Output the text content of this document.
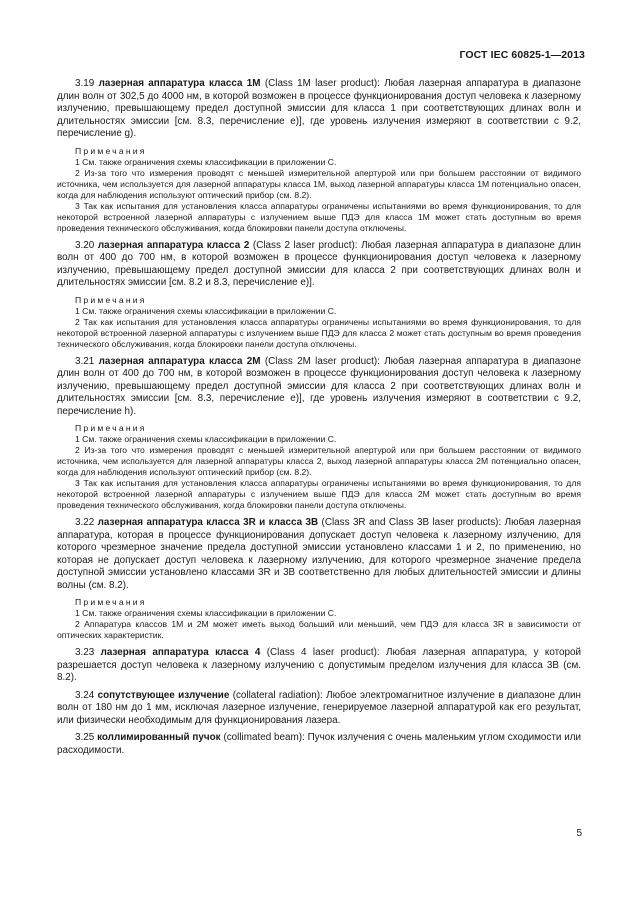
ГОСТ IEC 60825-1—2013

3.19 лазерная аппаратура класса 1М (Class 1M laser product): Любая лазерная аппаратура в диапазоне длин волн от 302,5 до 4000 нм, в которой возможен в процессе функционирования доступ человека к лазерному излучению, превышающему предел доступной эмиссии для класса 1 при соответствующих длинах волн и длительностях эмиссии [см. 8.3, перечисление е)], где уровень излучения измеряют в соответствии с 9.2, перечисление g).

Примечания

1 См. также ограничения схемы классификации в приложении С.

2 Из-за того что измерения проводят с меньшей измерительной апертурой или при большем расстоянии от видимого источника, чем используется для лазерной аппаратуры класса 1М, выход лазерной аппаратуры класса 1М потенциально опасен, когда для наблюдения используют оптический прибор (см. 8.2).

3 Так как испытания для установления класса аппаратуры ограничены испытаниями во время функционирования, то для некоторой встроенной лазерной аппаратуры с излучением выше ПДЭ для класса 1М может стать доступным во время проведения технического обслуживания, когда блокировки панели доступа отключены.

3.20 лазерная аппаратура класса 2 (Class 2 laser product): Любая лазерная аппаратура в диапазоне длин волн от 400 до 700 нм, в которой возможен в процессе функционирования доступ человека к лазерному излучению, превышающему предел доступной эмиссии для класса 2 при соответствующих длинах волн и длительностях эмиссии [см. 8.2 и 8.3, перечисление е)].

Примечания

1 См. также ограничения схемы классификации в приложении С.

2 Так как испытания для установления класса аппаратуры ограничены испытаниями во время функционирования, то для некоторой встроенной лазерной аппаратуры с излучением выше ПДЭ для класса 2 может стать доступным во время проведения технического обслуживания, когда блокировки панели доступа отключены.

3.21 лазерная аппаратура класса 2М (Class 2M laser product): Любая лазерная аппаратура в диапазоне длин волн от 400 до 700 нм, в которой возможен в процессе функционирования доступ человека к лазерному излучению, превышающему предел доступной эмиссии для класса 2 при соответствующих длинах волн и длительностях эмиссии [см. 8.3, перечисление е)], где уровень излучения измеряют в соответствии с 9.2, перечисление h).

Примечания

1 См. также ограничения схемы классификации в приложении С.

2 Из-за того что измерения проводят с меньшей измерительной апертурой или при большем расстоянии от видимого источника, чем используется для лазерной аппаратуры класса 2, выход лазерной аппаратуры класса 2М потенциально опасен, когда для наблюдения используют оптический прибор (см. 8.2).

3 Так как испытания для установления класса аппаратуры ограничены испытаниями во время функционирования, то для некоторой встроенной лазерной аппаратуры с излучением выше ПДЭ для класса 2М может стать доступным во время проведения технического обслуживания, когда блокировки панели доступа отключены.

3.22 лазерная аппаратура класса 3R и класса 3В (Class 3R and Class 3B laser products): Любая лазерная аппаратура, которая в процессе функционирования допускает доступ человека к лазерному излучению, для которого чрезмерное значение предела доступной эмиссии установлено классами 1 и 2, по применению, но которая не допускает доступ человека к лазерному излучению, для которого чрезмерное значение предела доступной эмиссии установлено классами 3R и 3В соответственно для любых длительностей эмиссии и длины волны (см. 8.2).

Примечания

1 См. также ограничения схемы классификации в приложении С.

2 Аппаратура классов 1М и 2М может иметь выход больший или меньший, чем ПДЭ для класса 3R в зависимости от оптических характеристик.

3.23 лазерная аппаратура класса 4 (Class 4 laser product): Любая лазерная аппаратура, у которой разрешается доступ человека к лазерному излучению с допустимым пределом излучения для класса 3В (см. 8.2).

3.24 сопутствующее излучение (collateral radiation): Любое электромагнитное излучение в диапазоне длин волн от 180 нм до 1 мм, исключая лазерное излучение, генерируемое лазерной аппаратурой как его результат, или физически необходимым для функционирования лазера.

3.25 коллимированный пучок (collimated beam): Пучок излучения с очень маленьким углом сходимости или расходимости.

5
